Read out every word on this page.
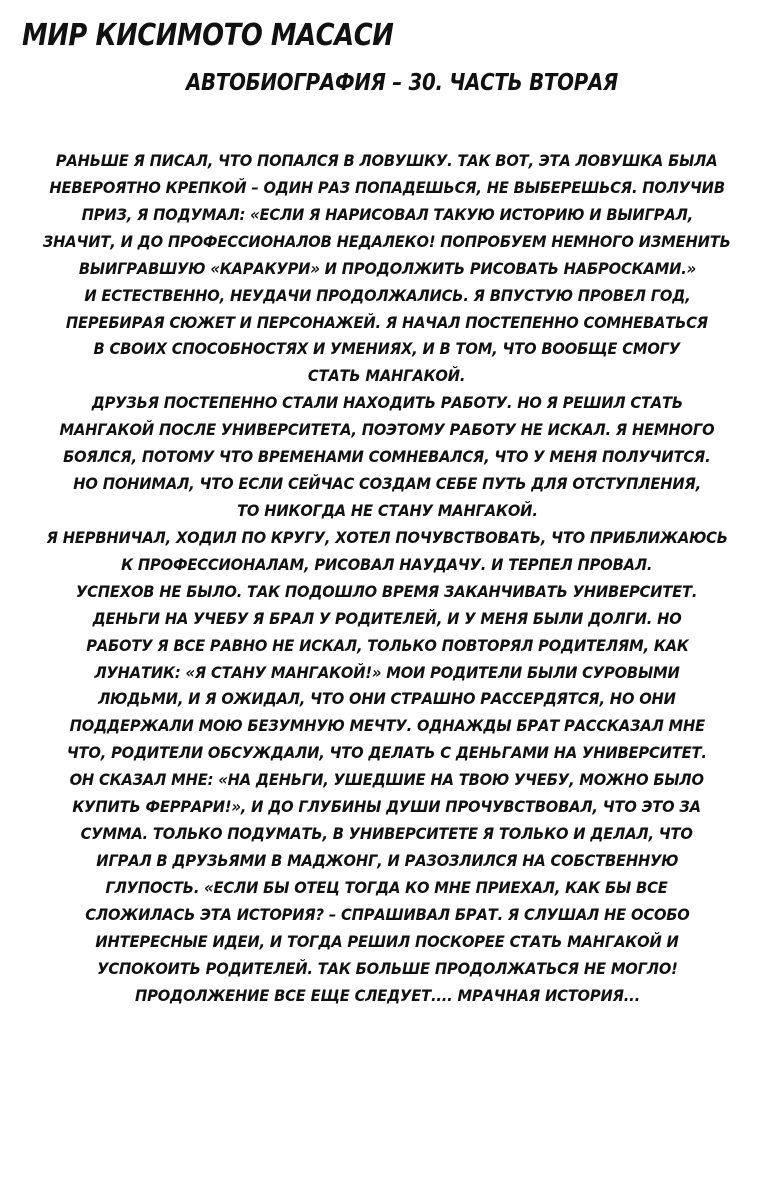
МИР КИСИМОТО МАСАСИ
АВТОБИОГРАФИЯ – 30. ЧАСТЬ ВТОРАЯ
РАНЬШЕ Я ПИСАЛ, ЧТО ПОПАЛСЯ В ЛОВУШКУ. ТАК ВОТ, ЭТА ЛОВУШКА БЫЛА
НЕВЕРОЯТНО КРЕПКОЙ – ОДИН РАЗ ПОПАДЕШЬСЯ, НЕ ВЫБЕРЕШЬСЯ. ПОЛУЧИВ
ПРИЗ, Я ПОДУМАЛ: «ЕСЛИ Я НАРИСОВАЛ ТАКУЮ ИСТОРИЮ И ВЫИГРАЛ,
ЗНАЧИТ, И ДО ПРОФЕССИОНАЛОВ НЕДАЛЕКО! ПОПРОБУЕМ НЕМНОГО ИЗМЕНИТЬ
ВЫИГРАВШУЮ «КАРАКУРИ» И ПРОДОЛЖИТЬ РИСОВАТЬ НАБРОСКАМИ.»
И ЕСТЕСТВЕННО, НЕУДАЧИ ПРОДОЛЖАЛИСЬ. Я ВПУСТУЮ ПРОВЕЛ ГОД,
ПЕРЕБИРАЯ СЮЖЕТ И ПЕРСОНАЖЕЙ. Я НАЧАЛ ПОСТЕПЕННО СОМНЕВАТЬСЯ
В СВОИХ СПОСОБНОСТЯХ И УМЕНИЯХ, И В ТОМ, ЧТО ВООБЩЕ СМОГУ
СТАТЬ МАНГАКОЙ.
ДРУЗЬЯ ПОСТЕПЕННО СТАЛИ НАХОДИТЬ РАБОТУ. НО Я РЕШИЛ СТАТЬ
МАНГАКОЙ ПОСЛЕ УНИВЕРСИТЕТА, ПОЭТОМУ РАБОТУ НЕ ИСКАЛ. Я НЕМНОГО
БОЯЛСЯ, ПОТОМУ ЧТО ВРЕМЕНАМИ СОМНЕВАЛСЯ, ЧТО У МЕНЯ ПОЛУЧИТСЯ.
НО ПОНИМАЛ, ЧТО ЕСЛИ СЕЙЧАС СОЗДАМ СЕБЕ ПУТЬ ДЛЯ ОТСТУПЛЕНИЯ,
ТО НИКОГДА НЕ СТАНУ МАНГАКОЙ.
Я НЕРВНИЧАЛ, ХОДИЛ ПО КРУГУ, ХОТЕЛ ПОЧУВСТВОВАТЬ, ЧТО ПРИБЛИЖАЮСЬ
К ПРОФЕССИОНАЛАМ, РИСОВАЛ НАУДАЧУ. И ТЕРПЕЛ ПРОВАЛ.
УСПЕХОВ НЕ БЫЛО. ТАК ПОДОШЛО ВРЕМЯ ЗАКАНЧИВАТЬ УНИВЕРСИТЕТ.
ДЕНЬГИ НА УЧЕБУ Я БРАЛ У РОДИТЕЛЕЙ, И У МЕНЯ БЫЛИ ДОЛГИ. НО
РАБОТУ Я ВСЕ РАВНО НЕ ИСКАЛ, ТОЛЬКО ПОВТОРЯЛ РОДИТЕЛЯМ, КАК
ЛУНАТИК: «Я СТАНУ МАНГАКОЙ!» МОИ РОДИТЕЛИ БЫЛИ СУРОВЫМИ
ЛЮДЬМИ, И Я ОЖИДАЛ, ЧТО ОНИ СТРАШНО РАССЕРДЯТСЯ, НО ОНИ
ПОДДЕРЖАЛИ МОЮ БЕЗУМНУЮ МЕЧТУ. ОДНАЖДЫ БРАТ РАССКАЗАЛ МНЕ
ЧТО, РОДИТЕЛИ ОБСУЖДАЛИ, ЧТО ДЕЛАТЬ С ДЕНЬГАМИ НА УНИВЕРСИТЕТ.
ОН СКАЗАЛ МНЕ: «НА ДЕНЬГИ, УШЕДШИЕ НА ТВОЮ УЧЕБУ, МОЖНО БЫЛО
КУПИТЬ ФЕРРАРИ!», И ДО ГЛУБИНЫ ДУШИ ПРОЧУВСТВОВАЛ, ЧТО ЭТО ЗА
СУММА. ТОЛЬКО ПОДУМАТЬ, В УНИВЕРСИТЕТЕ Я ТОЛЬКО И ДЕЛАЛ, ЧТО
ИГРАЛ В ДРУЗЬЯМИ В МАДЖОНГ, И РАЗОЗЛИЛСЯ НА СОБСТВЕННУЮ
ГЛУПОСТЬ. «ЕСЛИ БЫ ОТЕЦ ТОГДА КО МНЕ ПРИЕХАЛ, КАК БЫ ВСЕ
СЛОЖИЛАСЬ ЭТА ИСТОРИЯ? – СПРАШИВАЛ БРАТ. Я СЛУШАЛ НЕ ОСОБО
ИНТЕРЕСНЫЕ ИДЕИ, И ТОГДА РЕШИЛ ПОСКОРЕЕ СТАТЬ МАНГАКОЙ И
УСПОКОИТЬ РОДИТЕЛЕЙ. ТАК БОЛЬШЕ ПРОДОЛЖАТЬСЯ НЕ МОГЛО!
ПРОДОЛЖЕНИЕ ВСЕ ЕЩЕ СЛЕДУЕТ.... МРАЧНАЯ ИСТОРИЯ...
